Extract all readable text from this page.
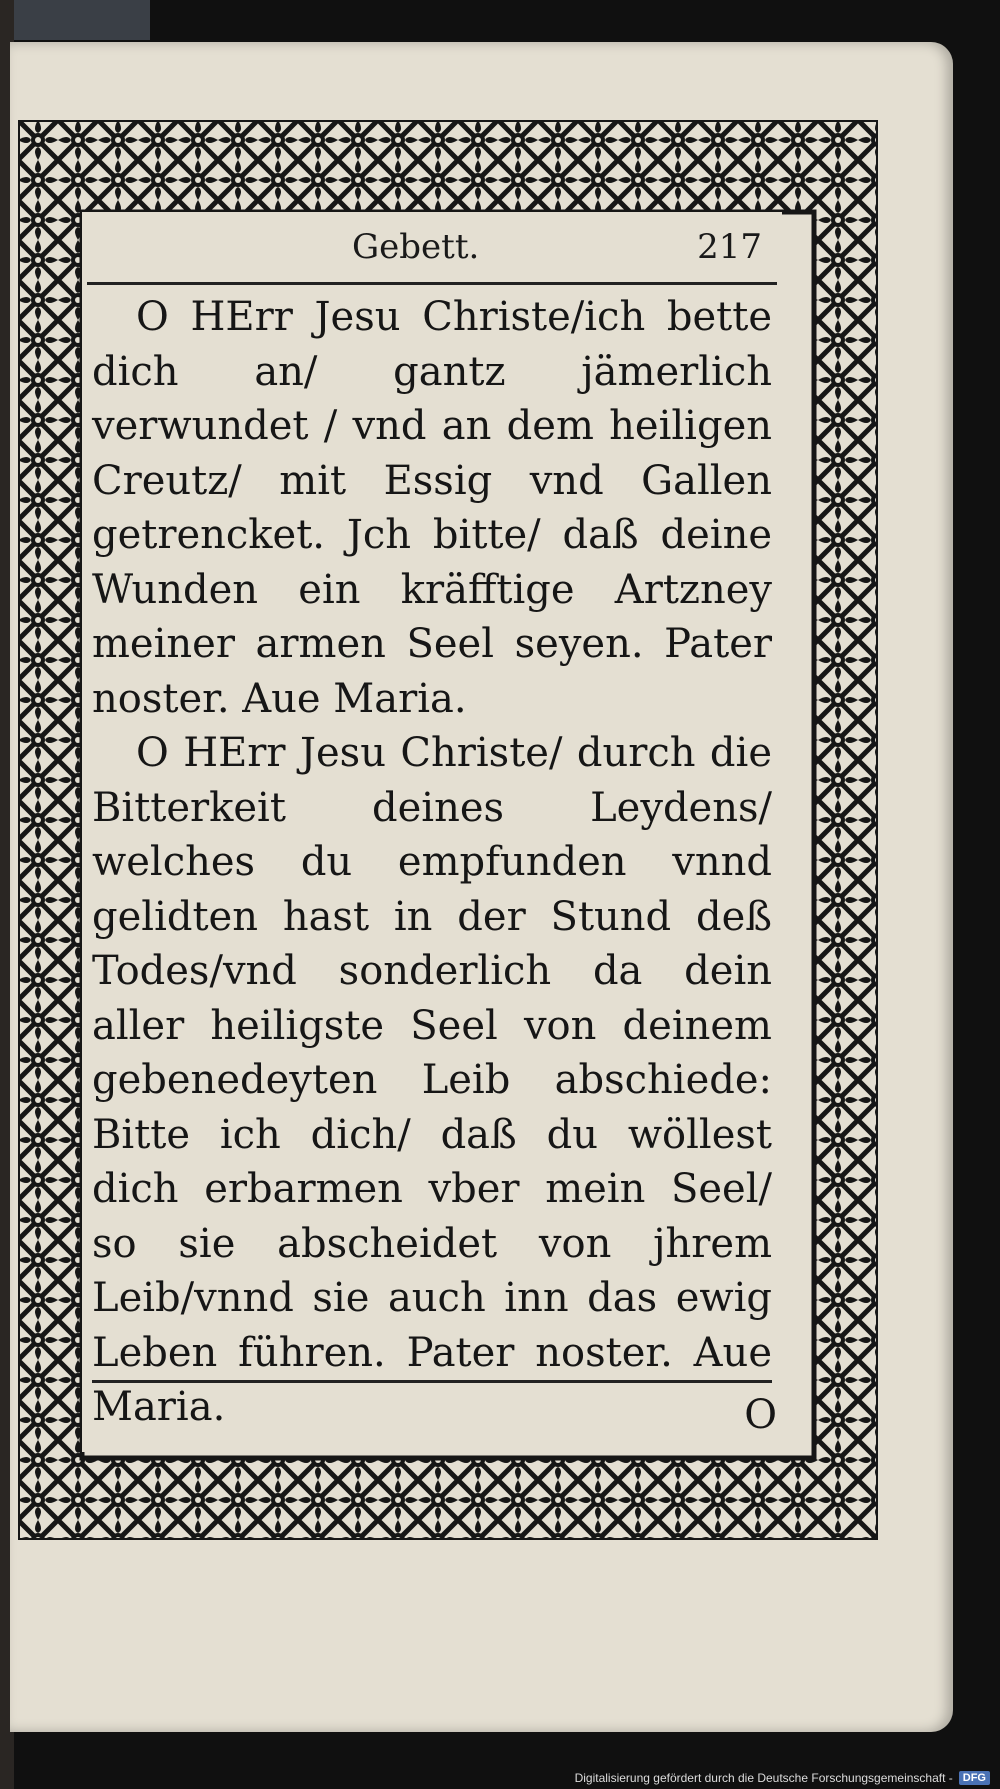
Gebett.	217

O HErr Jesu Christe/ich bette dich an/ gantz jämerlich verwundet / vnd an dem heiligen Creutz/ mit Essig vnd Gallen getrencket. Jch bitte/ daß deine Wunden ein kräfftige Artzney meiner armen Seel seyen. Pater noster. Aue Maria.

O HErr Jesu Christe/ durch die Bitterkeit deines Leydens/ welches du empfunden vnnd gelidten hast in der Stund deß Todes/vnd sonderlich da dein aller heiligste Seel von deinem gebenedeyten Leib abschiede: Bitte ich dich/ daß du wöllest dich erbarmen vber mein Seel/ so sie abscheidet von jhrem Leib/vnnd sie auch inn das ewig Leben führen. Pater noster. Aue Maria.	O
Digitalisierung gefördert durch die Deutsche Forschungsgemeinschaft - DFG
